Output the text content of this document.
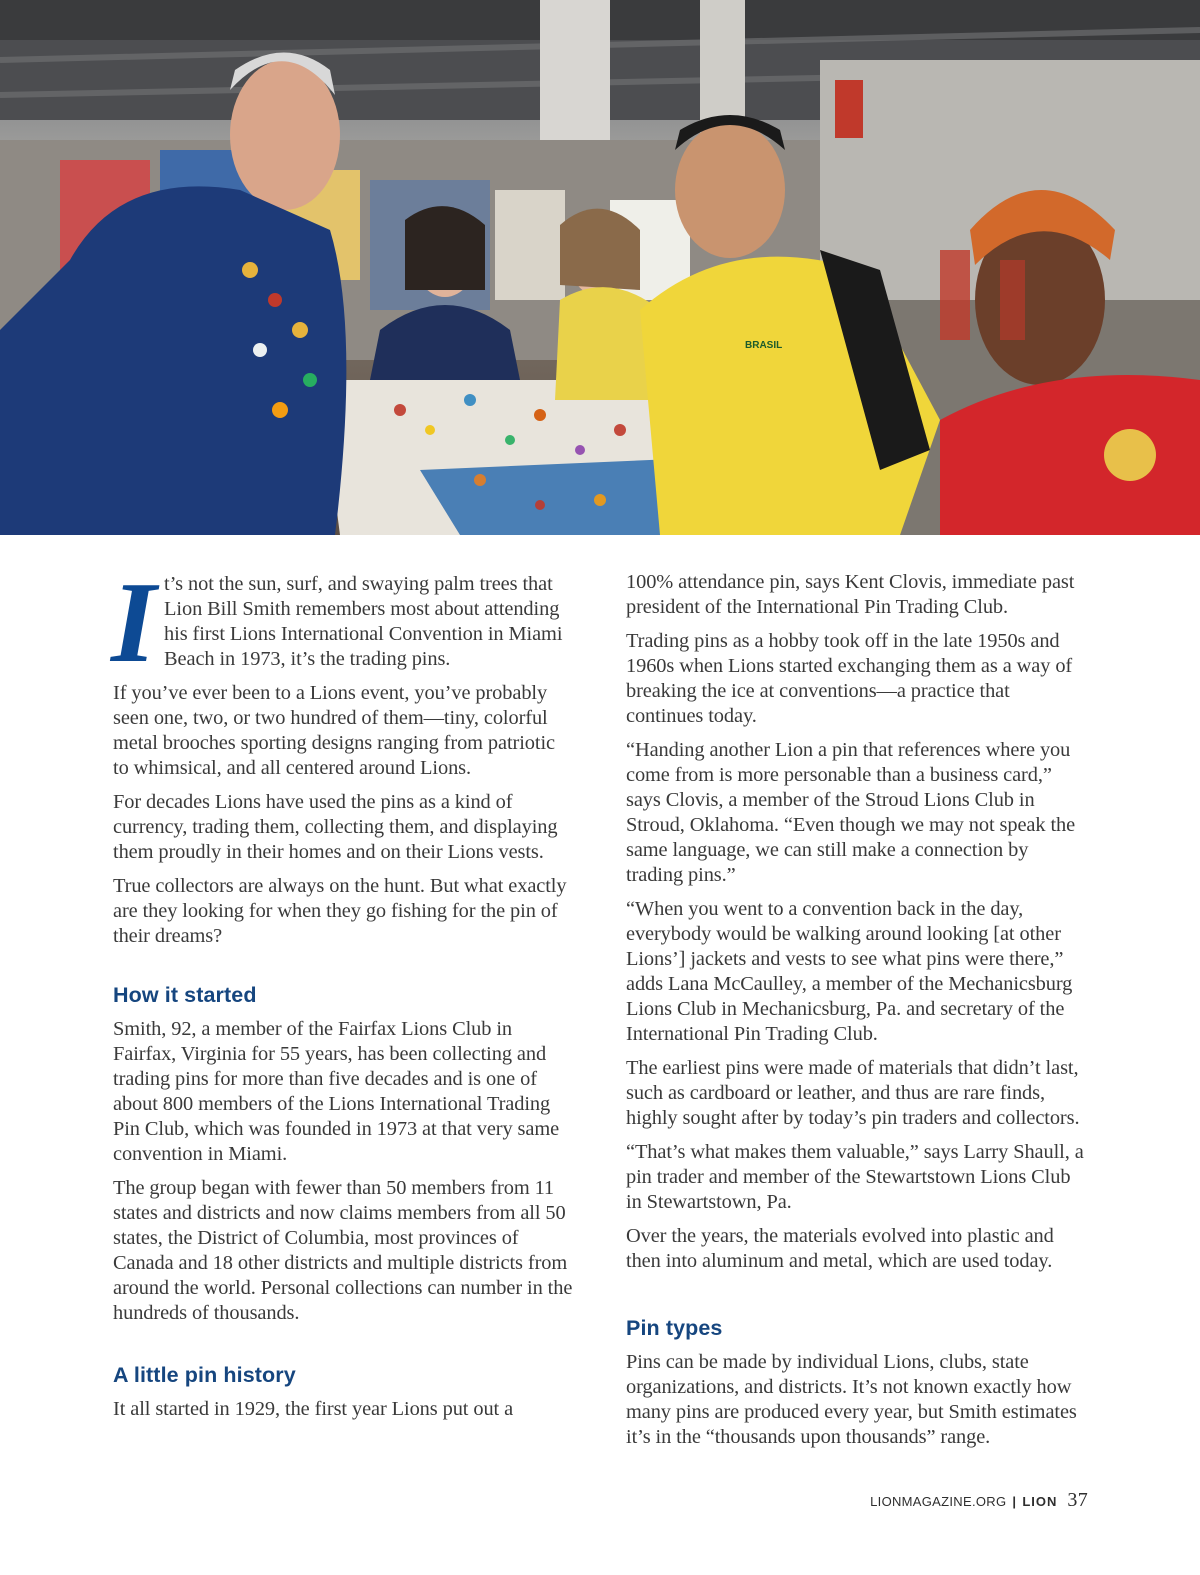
BRASIL

It’s not the sun, surf, and swaying palm trees that Lion Bill Smith remembers most about attending his first Lions International Convention in Miami Beach in 1973, it’s the trading pins.

If you’ve ever been to a Lions event, you’ve probably seen one, two, or two hundred of them—tiny, colorful metal brooches sporting designs ranging from patriotic to whimsical, and all centered around Lions.

For decades Lions have used the pins as a kind of currency, trading them, collecting them, and displaying them proudly in their homes and on their Lions vests.

True collectors are always on the hunt. But what exactly are they looking for when they go fishing for the pin of their dreams?

How it started

Smith, 92, a member of the Fairfax Lions Club in Fairfax, Virginia for 55 years, has been collecting and trading pins for more than five decades and is one of about 800 members of the Lions International Trading Pin Club, which was founded in 1973 at that very same convention in Miami.

The group began with fewer than 50 members from 11 states and districts and now claims members from all 50 states, the District of Columbia, most provinces of Canada and 18 other districts and multiple districts from around the world. Personal collections can number in the hundreds of thousands.

A little pin history

It all started in 1929, the first year Lions put out a

100% attendance pin, says Kent Clovis, immediate past president of the International Pin Trading Club.

Trading pins as a hobby took off in the late 1950s and 1960s when Lions started exchanging them as a way of breaking the ice at conventions—a practice that continues today.

“Handing another Lion a pin that references where you come from is more personable than a business card,” says Clovis, a member of the Stroud Lions Club in Stroud, Oklahoma. “Even though we may not speak the same language, we can still make a connection by trading pins.”

“When you went to a convention back in the day, everybody would be walking around looking [at other Lions’] jackets and vests to see what pins were there,” adds Lana McCaulley, a member of the Mechanicsburg Lions Club in Mechanicsburg, Pa. and secretary of the International Pin Trading Club.

The earliest pins were made of materials that didn’t last, such as cardboard or leather, and thus are rare finds, highly sought after by today’s pin traders and collectors.

“That’s what makes them valuable,” says Larry Shaull, a pin trader and member of the Stewartstown Lions Club in Stewartstown, Pa.

Over the years, the materials evolved into plastic and then into aluminum and metal, which are used today.

Pin types

Pins can be made by individual Lions, clubs, state organizations, and districts. It’s not known exactly how many pins are produced every year, but Smith estimates it’s in the “thousands upon thousands” range.

LIONMAGAZINE.ORG | LION 37
